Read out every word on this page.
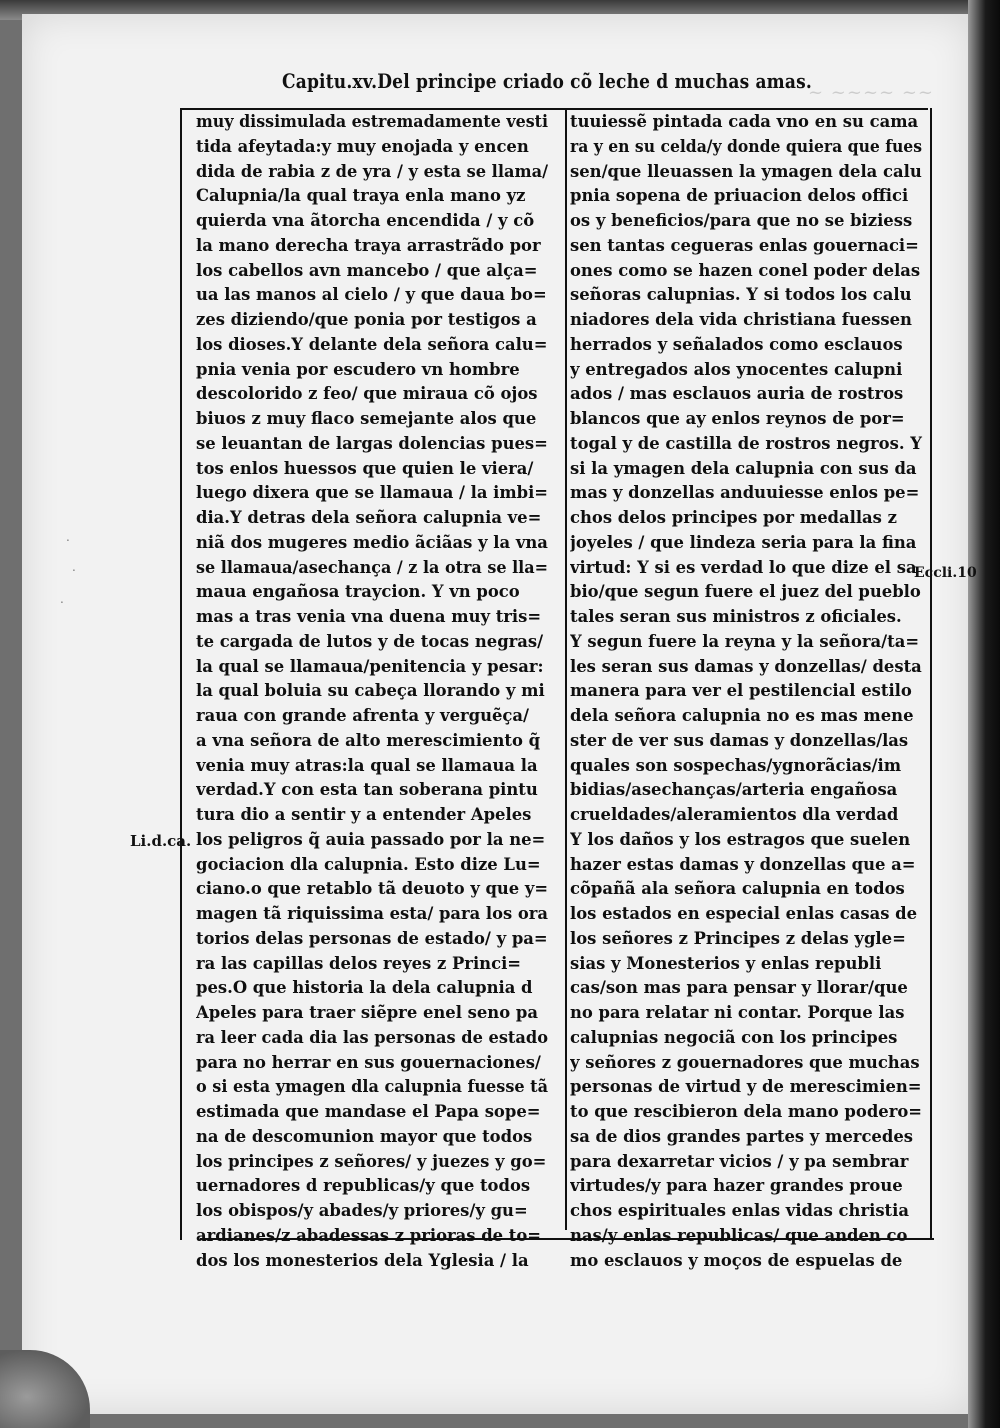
~ ~~~~ ~~
Capitu.xv.Del principe criado cõ leche d muchas amas.
muy dissimulada estremadamente vesti
tida afeytada:y muy enojada y encen
dida de rabia z de yra / y esta se llama/
Calupnia/la qual traya enla mano yz
quierda vna ãtorcha encendida / y cõ
la mano derecha traya arrastrãdo por
los cabellos avn mancebo / que alça=
ua las manos al cielo / y que daua bo=
zes diziendo/que ponia por testigos a
los dioses.Y delante dela señora calu=
pnia venia por escudero vn hombre
descolorido z feo/ que miraua cõ ojos
biuos z muy flaco semejante alos que
se leuantan de largas dolencias pues=
tos enlos huessos que quien le viera/
luego dixera que se llamaua / la imbi=
dia.Y detras dela señora calupnia ve=
niã dos mugeres medio ãciãas y la vna
se llamaua/asechança / z la otra se lla=
maua engañosa traycion. Y vn poco
mas a tras venia vna duena muy tris=
te cargada de lutos y de tocas negras/
la qual se llamaua/penitencia y pesar:
la qual boluia su cabeça llorando y mi
raua con grande afrenta y verguẽça/
a vna señora de alto merescimiento q̃
venia muy atras:la qual se llamaua la
verdad.Y con esta tan soberana pintu
tura dio a sentir y a entender Apeles
los peligros q̃ auia passado por la ne=
gociacion dla calupnia. Esto dize Lu=
ciano.o que retablo tã deuoto y que y=
magen tã riquissima esta/ para los ora
torios delas personas de estado/ y pa=
ra las capillas delos reyes z Princi=
pes.O que historia la dela calupnia d
Apeles para traer siẽpre enel seno pa
ra leer cada dia las personas de estado
para no herrar en sus gouernaciones/
o si esta ymagen dla calupnia fuesse tã
estimada que mandase el Papa sope=
na de descomunion mayor que todos
los principes z señores/ y juezes y go=
uernadores d republicas/y que todos
los obispos/y abades/y priores/y gu=
ardianes/z abadessas z prioras de to=
dos los monesterios dela Yglesia / la
tuuiessẽ pintada cada vno en su cama
ra y en su celda/y donde quiera que fues
sen/que lleuassen la ymagen dela calu
pnia sopena de priuacion delos offici
os y beneficios/para que no se biziess
sen tantas cegueras enlas gouernaci=
ones como se hazen conel poder delas
señoras calupnias. Y si todos los calu
niadores dela vida christiana fuessen
herrados y señalados como esclauos
y entregados alos ynocentes calupni
ados / mas esclauos auria de rostros
blancos que ay enlos reynos de por=
togal y de castilla de rostros negros. Y
si la ymagen dela calupnia con sus da
mas y donzellas anduuiesse enlos pe=
chos delos principes por medallas z
joyeles / que lindeza seria para la fina
virtud: Y si es verdad lo que dize el sa
bio/que segun fuere el juez del pueblo
tales seran sus ministros z oficiales.
Y segun fuere la reyna y la señora/ta=
les seran sus damas y donzellas/ desta
manera para ver el pestilencial estilo
dela señora calupnia no es mas mene
ster de ver sus damas y donzellas/las
quales son sospechas/ygnorãcias/im
bidias/asechanças/arteria engañosa
crueldades/aleramientos dla verdad
Y los daños y los estragos que suelen
hazer estas damas y donzellas que a=
cõpañã ala señora calupnia en todos
los estados en especial enlas casas de
los señores z Principes z delas ygle=
sias y Monesterios y enlas republi
cas/son mas para pensar y llorar/que
no para relatar ni contar. Porque las
calupnias negociã con los principes
y señores z gouernadores que muchas
personas de virtud y de merescimien=
to que rescibieron dela mano podero=
sa de dios grandes partes y mercedes
para dexarretar vicios / y pa sembrar
virtudes/y para hazer grandes proue
chos espirituales enlas vidas christia
nas/y enlas republicas/ que anden co
mo esclauos y moços de espuelas de
Eccli.10
Li.d.ca.
.
.
.
